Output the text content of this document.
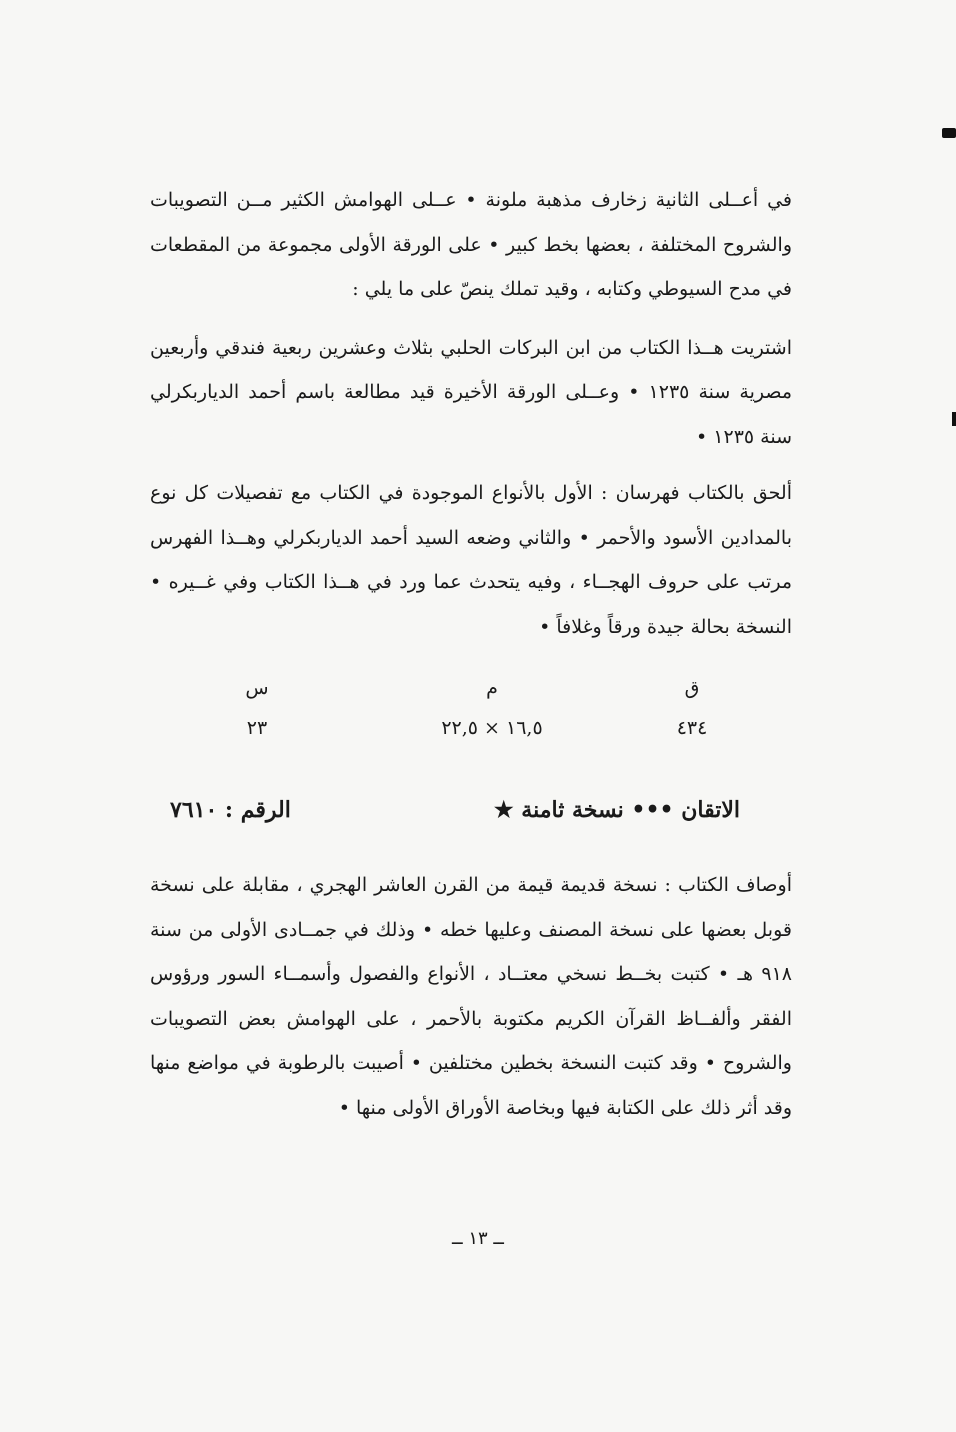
في أعــلى الثانية زخارف مذهبة ملونة • عــلى الهوامش الكثير مــن التصويبات والشروح المختلفة ، بعضها بخط كبير • على الورقة الأولى مجموعة من المقطعات في مدح السيوطي وكتابه ، وقيد تملك ينصّ على ما يلي :

اشتريت هــذا الكتاب من ابن البركات الحلبي بثلاث وعشرين ربعية فندقي وأربعين مصرية سنة ١٢٣٥ • وعــلى الورقة الأخيرة قيد مطالعة باسم أحمد الدياربكرلي سنة ١٢٣٥ •

ألحق بالكتاب فهرسان : الأول بالأنواع الموجودة في الكتاب مع تفصيلات كل نوع بالمدادين الأسود والأحمر • والثاني وضعه السيد أحمد الدياربكرلي وهــذا الفهرس مرتب على حروف الهجــاء ، وفيه يتحدث عما ورد في هــذا الكتاب وفي غــيره • النسخة بحالة جيدة ورقاً وغلافاً •

ق
م
س
٤٣٤
١٦,٥ × ٢٢,٥
٢٣
الاتقان ••• نسخة ثامنة ★
الرقم : ٧٦١٠

أوصاف الكتاب : نسخة قديمة قيمة من القرن العاشر الهجري ، مقابلة على نسخة قوبل بعضها على نسخة المصنف وعليها خطه • وذلك في جمــادى الأولى من سنة ٩١٨ هـ • كتبت بخــط نسخي معتــاد ، الأنواع والفصول وأسمــاء السور ورؤوس الفقر وألفــاظ القرآن الكريم مكتوبة بالأحمر ، على الهوامش بعض التصويبات والشروح • وقد كتبت النسخة بخطين مختلفين • أصيبت بالرطوبة في مواضع منها وقد أثر ذلك على الكتابة فيها وبخاصة الأوراق الأولى منها •

ــ ١٣ ــ
